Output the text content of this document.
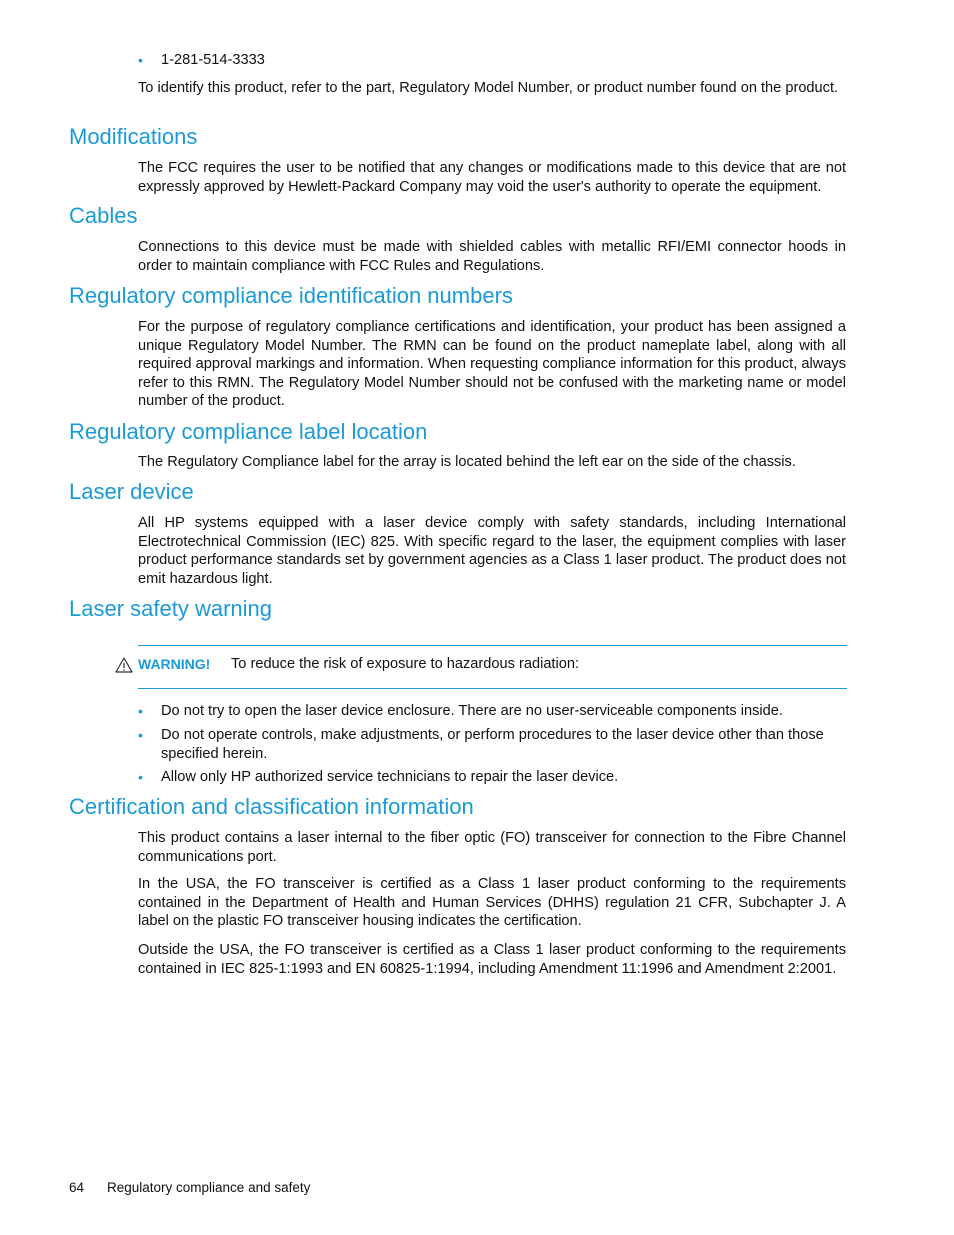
• 1-281-514-3333

To identify this product, refer to the part, Regulatory Model Number, or product number found on the product.

Modifications

The FCC requires the user to be notified that any changes or modifications made to this device that are not expressly approved by Hewlett-Packard Company may void the user's authority to operate the equipment.

Cables

Connections to this device must be made with shielded cables with metallic RFI/EMI connector hoods in order to maintain compliance with FCC Rules and Regulations.

Regulatory compliance identification numbers

For the purpose of regulatory compliance certifications and identification, your product has been assigned a unique Regulatory Model Number. The RMN can be found on the product nameplate label, along with all required approval markings and information. When requesting compliance information for this product, always refer to this RMN. The Regulatory Model Number should not be confused with the marketing name or model number of the product.

Regulatory compliance label location

The Regulatory Compliance label for the array is located behind the left ear on the side of the chassis.

Laser device

All HP systems equipped with a laser device comply with safety standards, including International Electrotechnical Commission (IEC) 825. With specific regard to the laser, the equipment complies with laser product performance standards set by government agencies as a Class 1 laser product. The product does not emit hazardous light.

Laser safety warning
WARNING! To reduce the risk of exposure to hazardous radiation:
• Do not try to open the laser device enclosure. There are no user-serviceable components inside.
• Do not operate controls, make adjustments, or perform procedures to the laser device other than those specified herein.
• Allow only HP authorized service technicians to repair the laser device.
Certification and classification information

This product contains a laser internal to the fiber optic (FO) transceiver for connection to the Fibre Channel communications port.

In the USA, the FO transceiver is certified as a Class 1 laser product conforming to the requirements contained in the Department of Health and Human Services (DHHS) regulation 21 CFR, Subchapter J. A label on the plastic FO transceiver housing indicates the certification.

Outside the USA, the FO transceiver is certified as a Class 1 laser product conforming to the requirements contained in IEC 825-1:1993 and EN 60825-1:1994, including Amendment 11:1996 and Amendment 2:2001.

64 Regulatory compliance and safety
